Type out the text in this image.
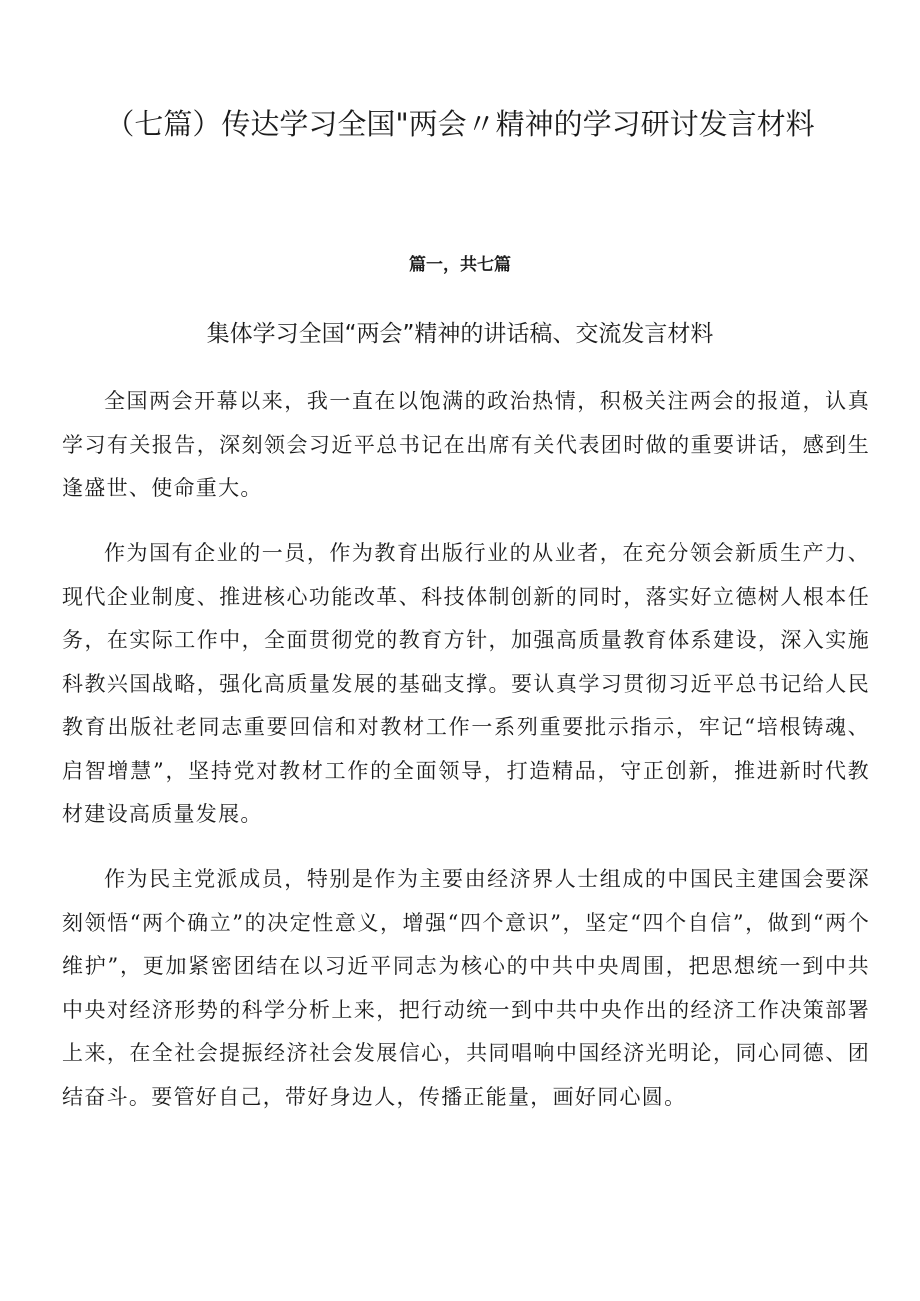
（七篇）传达学习全国"两会〃精神的学习研讨发言材料
篇一，共七篇
集体学习全国“两会”精神的讲话稿、交流发言材料

全国两会开幕以来，我一直在以饱满的政治热情，积极关注两会的报道，认真学习有关报告，深刻领会习近平总书记在出席有关代表团时做的重要讲话，感到生逢盛世、使命重大。

作为国有企业的一员，作为教育出版行业的从业者，在充分领会新质生产力、现代企业制度、推进核心功能改革、科技体制创新的同时，落实好立德树人根本任务，在实际工作中，全面贯彻党的教育方针，加强高质量教育体系建设，深入实施科教兴国战略，强化高质量发展的基础支撑。要认真学习贯彻习近平总书记给人民教育出版社老同志重要回信和对教材工作一系列重要批示指示，牢记“培根铸魂、启智增慧”，坚持党对教材工作的全面领导，打造精品，守正创新，推进新时代教材建设高质量发展。

作为民主党派成员，特别是作为主要由经济界人士组成的中国民主建国会要深刻领悟“两个确立”的决定性意义，增强“四个意识”，坚定“四个自信”，做到“两个维护”，更加紧密团结在以习近平同志为核心的中共中央周围，把思想统一到中共中央对经济形势的科学分析上来，把行动统一到中共中央作出的经济工作决策部署上来，在全社会提振经济社会发展信心，共同唱响中国经济光明论，同心同德、团结奋斗。要管好自己，带好身边人，传播正能量，画好同心圆。
